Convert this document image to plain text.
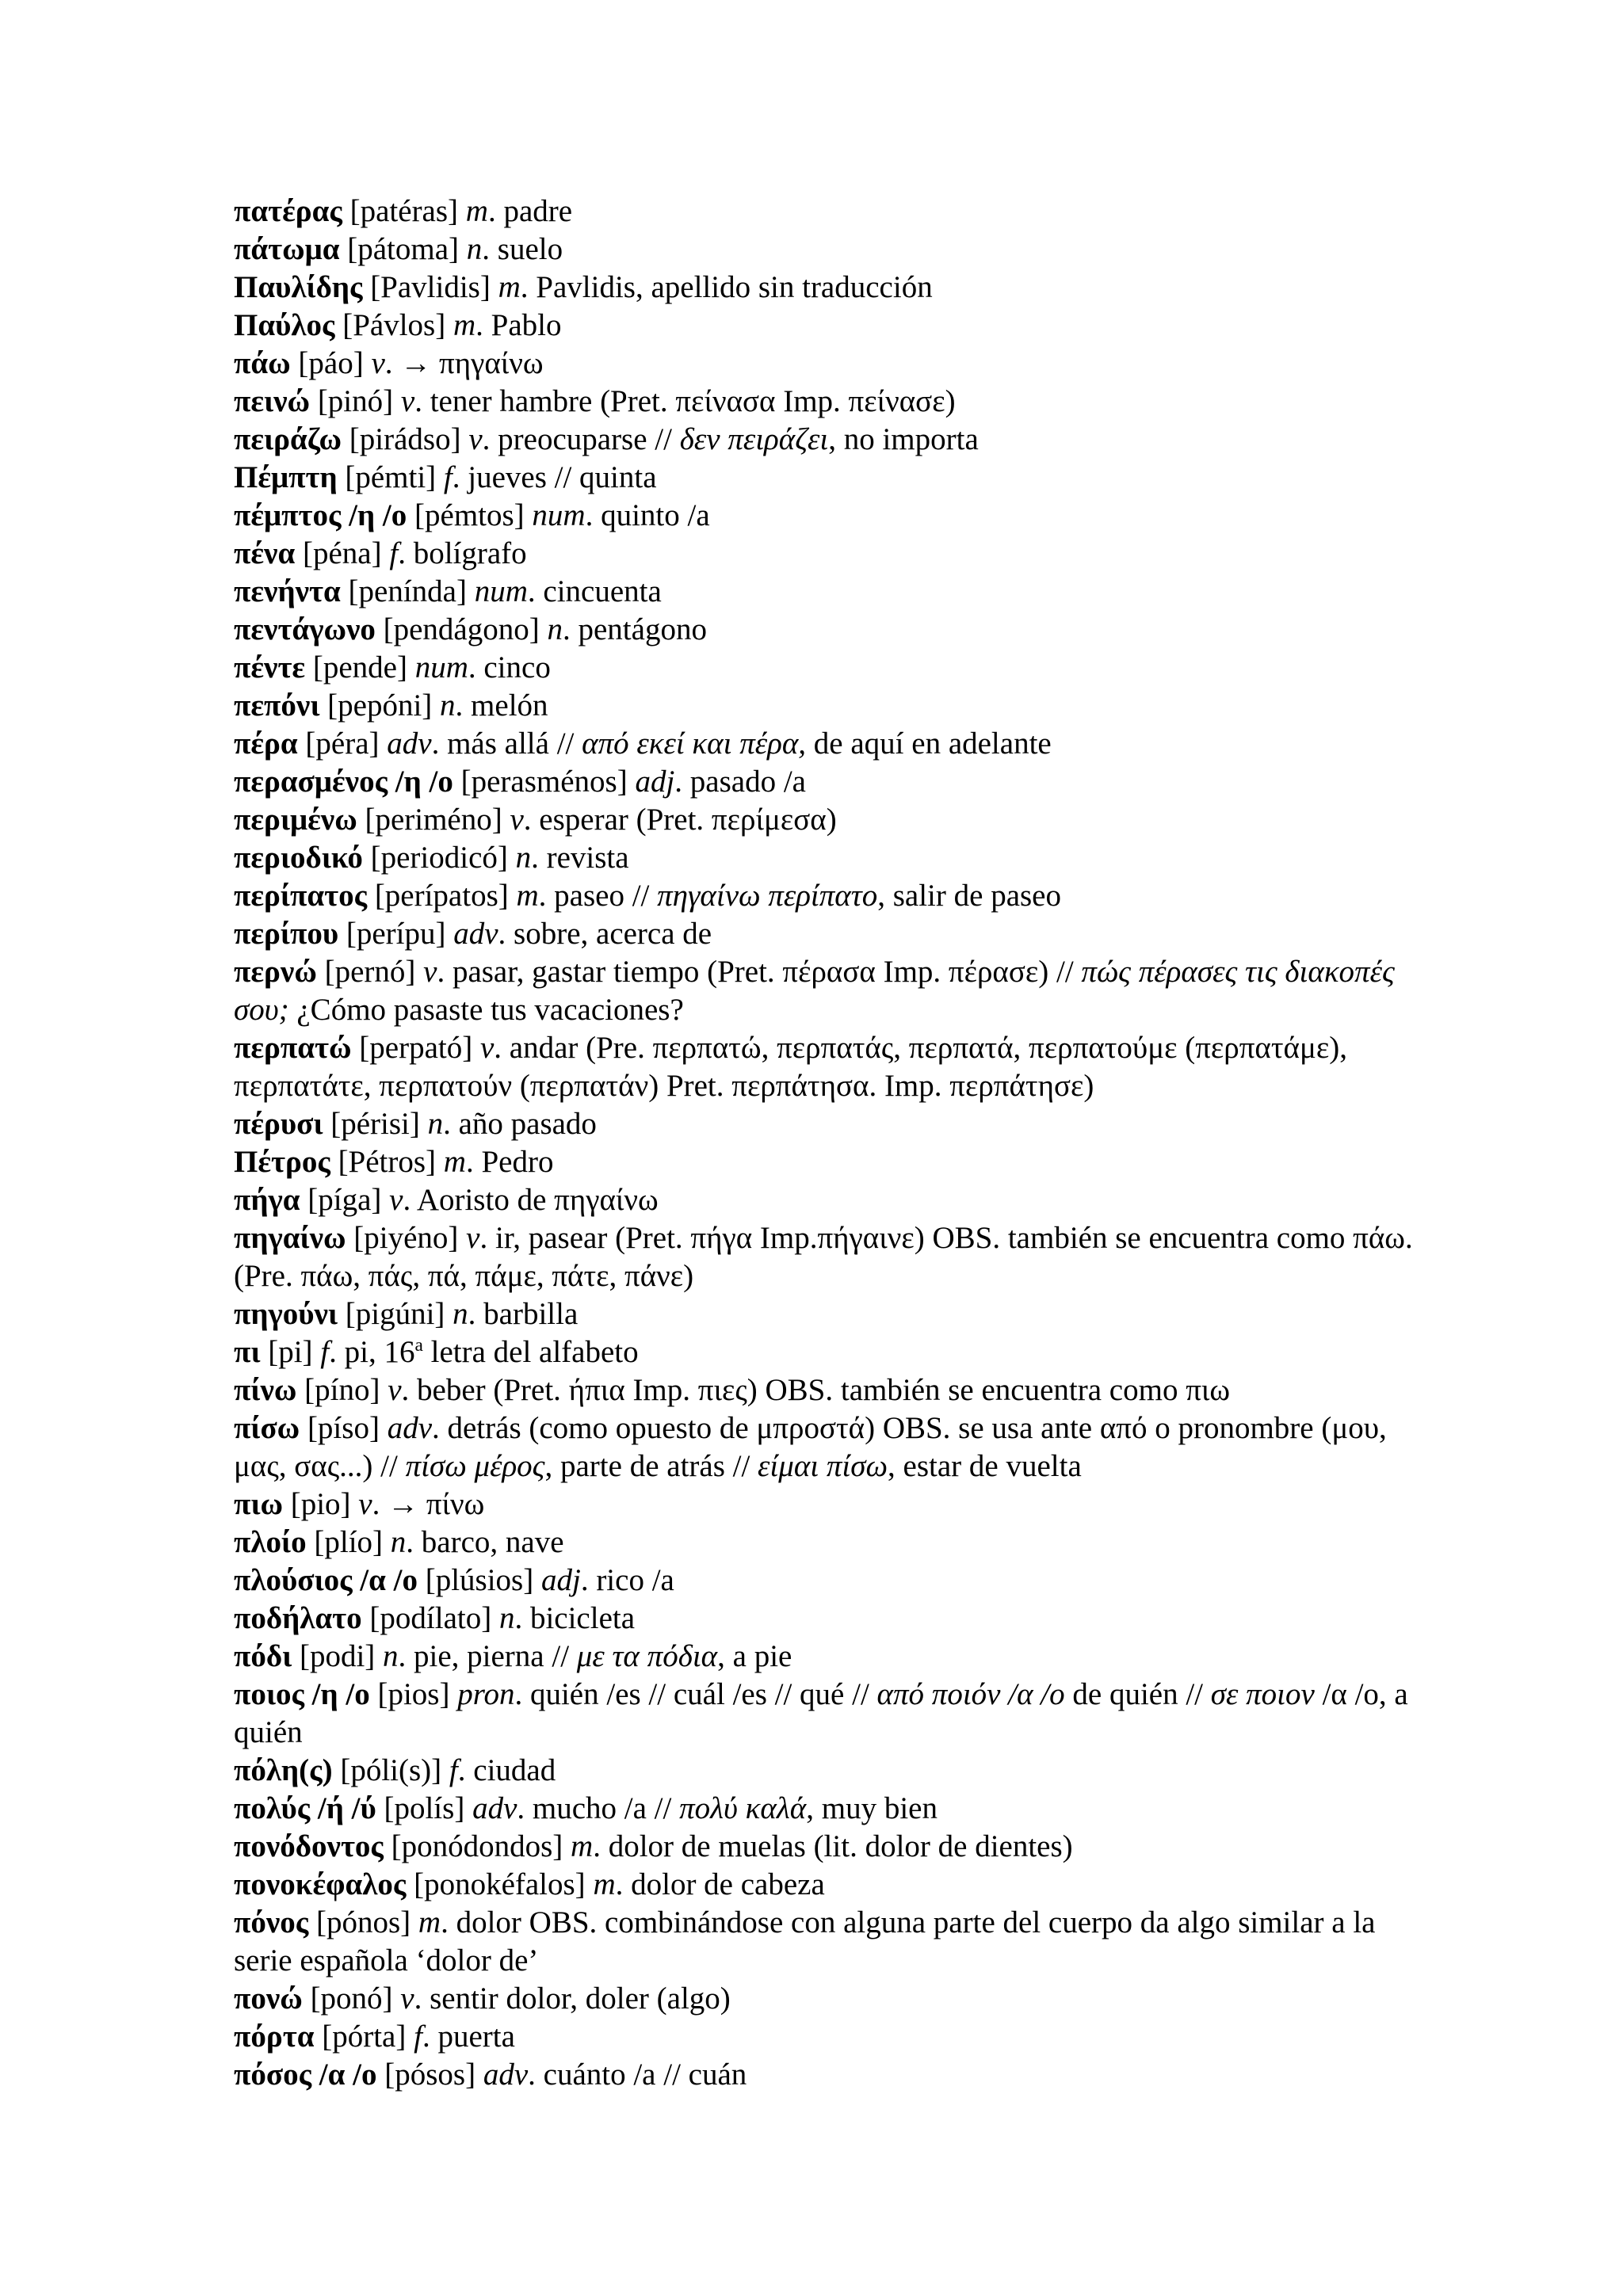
πατέρας [patéras] m. padre

πάτωμα [pátoma] n. suelo

Παυλίδης [Pavlidis] m. Pavlidis, apellido sin traducción

Παύλος [Pávlos] m. Pablo

πάω [páo] v. → πηγαίνω

πεινώ [pinó] v. tener hambre (Pret. πείνασα Imp. πείνασε)

πειράζω [pirádso] v. preocuparse // δεν πειράζει, no importa

Πέμπτη [pémti] f. jueves // quinta

πέμπτος /η /ο [pémtos] num. quinto /a

πένα [péna] f. bolígrafo

πενήντα [penínda] num. cincuenta

πεντάγωνο [pendágono] n. pentágono

πέντε [pende] num. cinco

πεπόνι [pepóni] n. melón

πέρα [péra] adv. más allá // από εκεί και πέρα, de aquí en adelante

περασμένος /η /ο [perasménos] adj. pasado /a

περιμένω [periméno] v. esperar (Pret. περίμεσα)

περιοδικό [periodicó] n. revista

περίπατος [perípatos] m. paseo // πηγαίνω περίπατο, salir de paseo

περίπου [perípu] adv. sobre, acerca de

περνώ [pernó] v. pasar, gastar tiempo (Pret. πέρασα Imp. πέρασε) // πώς πέρασες τις διακοπές σου; ¿Cómo pasaste tus vacaciones?

περπατώ [perpató] v. andar (Pre. περπατώ, περπατάς, περπατά, περπατούμε (περπατάμε), περπατάτε, περπατούν (περπατάν) Pret. περπάτησα. Imp. περπάτησε)

πέρυσι [périsi] n. año pasado

Πέτρος [Pétros] m. Pedro

πήγα [píga] v. Aoristo de πηγαίνω

πηγαίνω [piyéno] v. ir, pasear (Pret. πήγα Imp.πήγαινε) OBS. también se encuentra como πάω. (Pre. πάω, πάς, πά, πάμε, πάτε, πάνε)

πηγούνι [pigúni] n. barbilla

πι [pi] f. pi, 16$^a$ letra del alfabeto

πίνω [píno] v. beber (Pret. ήπια Imp. πιες) OBS. también se encuentra como πιω

πίσω [píso] adv. detrás (como opuesto de μπροστά) OBS. se usa ante από o pronombre (μου, μας, σας...) // πίσω μέρος, parte de atrás // είμαι πίσω, estar de vuelta

πιω [pio] v. → πίνω

πλοίο [plío] n. barco, nave

πλούσιος /α /ο [plúsios] adj. rico /a

ποδήλατο [podílato] n. bicicleta

πόδι [podi] n. pie, pierna // με τα πόδια, a pie

ποιος /η /ο [pios] pron. quién /es // cuál /es // qué // από ποιόν /α /ο de quién // σε ποιον /α /ο, a quién

πόλη(ς) [póli(s)] f. ciudad

πολύς /ή /ύ [polís] adv. mucho /a // πολύ καλά, muy bien

πονόδοντος [ponódondos] m. dolor de muelas (lit. dolor de dientes)

πονοκέφαλος [ponokéfalos] m. dolor de cabeza

πόνος [pónos] m. dolor OBS. combinándose con alguna parte del cuerpo da algo similar a la serie española ‘dolor de’

πονώ [ponó] v. sentir dolor, doler (algo)

πόρτα [pórta] f. puerta

πόσος /α /ο [pósos] adv. cuánto /a // cuán
